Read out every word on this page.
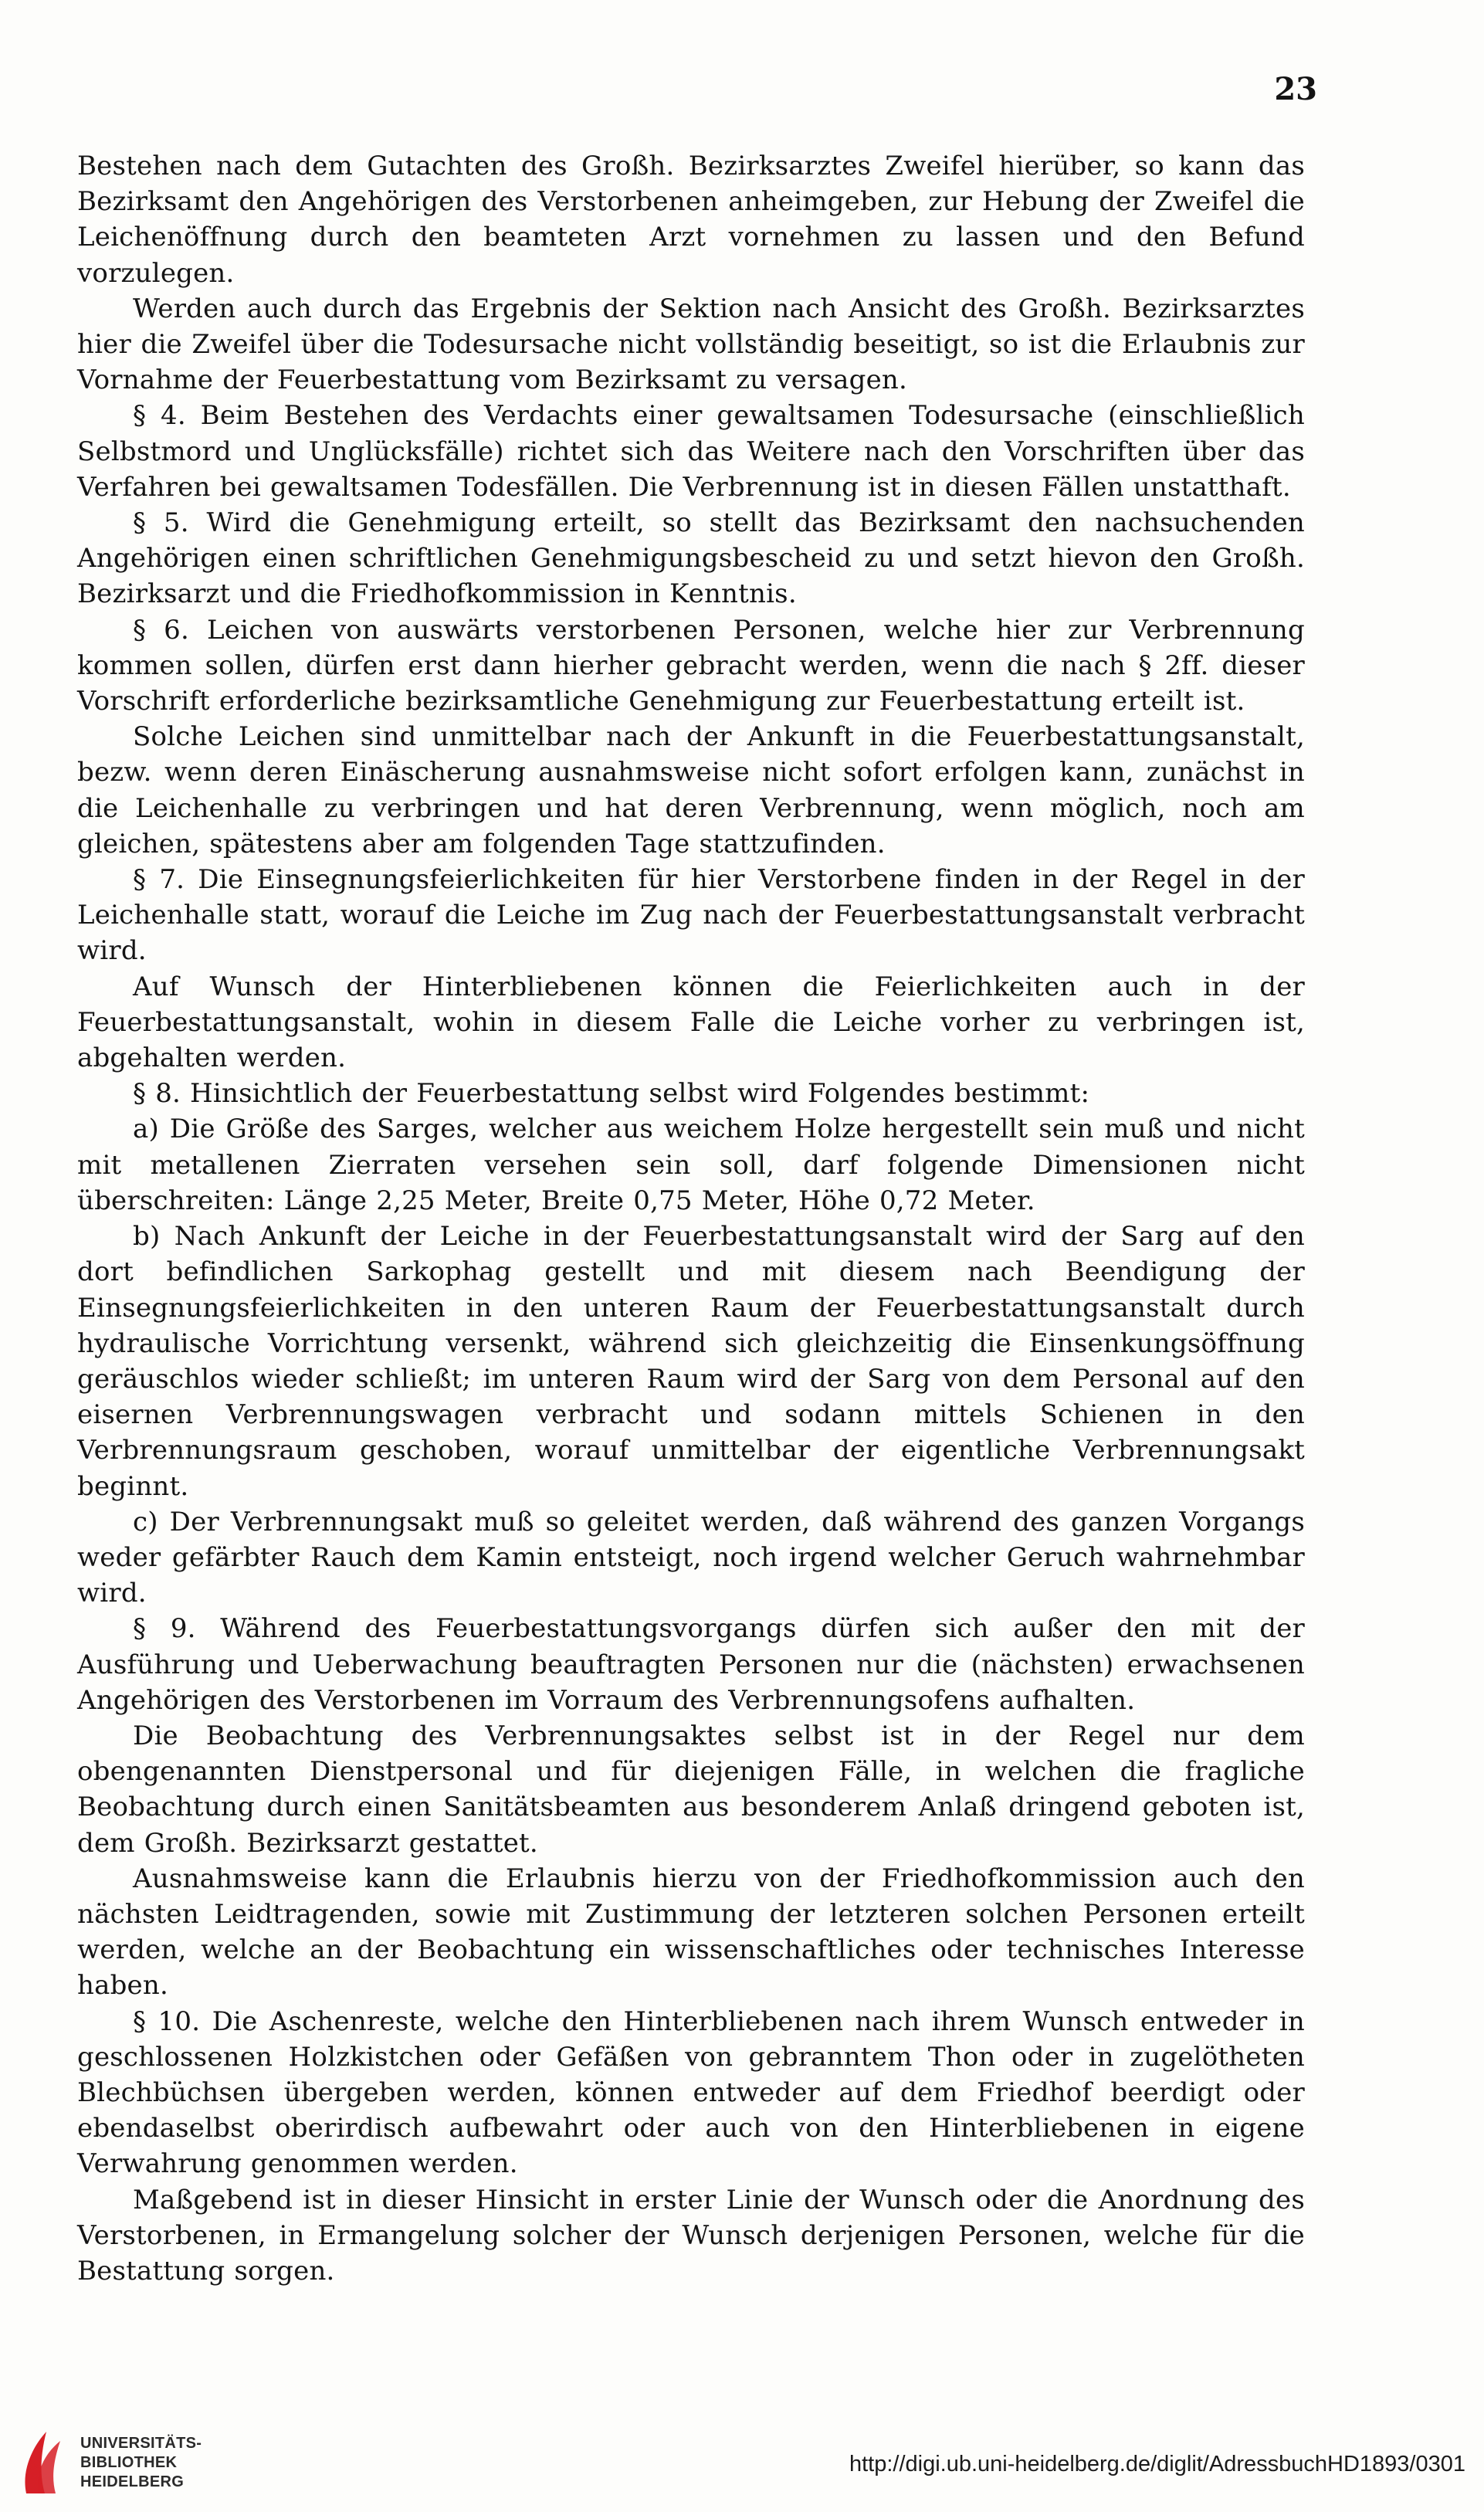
23

Bestehen nach dem Gutachten des Großh. Bezirksarztes Zweifel hierüber, so kann das Bezirksamt den Angehörigen des Verstorbenen anheimgeben, zur Hebung der Zweifel die Leichenöffnung durch den beamteten Arzt vornehmen zu lassen und den Befund vorzulegen.

Werden auch durch das Ergebnis der Sektion nach Ansicht des Großh. Bezirksarztes hier die Zweifel über die Todesursache nicht vollständig beseitigt, so ist die Erlaubnis zur Vornahme der Feuerbestattung vom Bezirksamt zu versagen.

§ 4. Beim Bestehen des Verdachts einer gewaltsamen Todesursache (einschließlich Selbstmord und Unglücksfälle) richtet sich das Weitere nach den Vorschriften über das Verfahren bei gewaltsamen Todesfällen. Die Verbrennung ist in diesen Fällen unstatthaft.

§ 5. Wird die Genehmigung erteilt, so stellt das Bezirksamt den nachsuchenden Angehörigen einen schriftlichen Genehmigungsbescheid zu und setzt hievon den Großh. Bezirksarzt und die Friedhofkommission in Kenntnis.

§ 6. Leichen von auswärts verstorbenen Personen, welche hier zur Verbrennung kommen sollen, dürfen erst dann hierher gebracht werden, wenn die nach § 2ff. dieser Vorschrift erforderliche bezirksamtliche Genehmigung zur Feuerbestattung erteilt ist.

Solche Leichen sind unmittelbar nach der Ankunft in die Feuerbestattungsanstalt, bezw. wenn deren Einäscherung ausnahmsweise nicht sofort erfolgen kann, zunächst in die Leichenhalle zu verbringen und hat deren Verbrennung, wenn möglich, noch am gleichen, spätestens aber am folgenden Tage stattzufinden.

§ 7. Die Einsegnungsfeierlichkeiten für hier Verstorbene finden in der Regel in der Leichenhalle statt, worauf die Leiche im Zug nach der Feuerbestattungsanstalt verbracht wird.

Auf Wunsch der Hinterbliebenen können die Feierlichkeiten auch in der Feuerbestattungsanstalt, wohin in diesem Falle die Leiche vorher zu verbringen ist, abgehalten werden.

§ 8. Hinsichtlich der Feuerbestattung selbst wird Folgendes bestimmt:

a) Die Größe des Sarges, welcher aus weichem Holze hergestellt sein muß und nicht mit metallenen Zierraten versehen sein soll, darf folgende Dimensionen nicht überschreiten: Länge 2,25 Meter, Breite 0,75 Meter, Höhe 0,72 Meter.

b) Nach Ankunft der Leiche in der Feuerbestattungsanstalt wird der Sarg auf den dort befindlichen Sarkophag gestellt und mit diesem nach Beendigung der Einsegnungsfeierlichkeiten in den unteren Raum der Feuerbestattungsanstalt durch hydraulische Vorrichtung versenkt, während sich gleichzeitig die Einsenkungsöffnung geräuschlos wieder schließt; im unteren Raum wird der Sarg von dem Personal auf den eisernen Verbrennungswagen verbracht und sodann mittels Schienen in den Verbrennungsraum geschoben, worauf unmittelbar der eigentliche Verbrennungsakt beginnt.

c) Der Verbrennungsakt muß so geleitet werden, daß während des ganzen Vorgangs weder gefärbter Rauch dem Kamin entsteigt, noch irgend welcher Geruch wahrnehmbar wird.

§ 9. Während des Feuerbestattungsvorgangs dürfen sich außer den mit der Ausführung und Ueberwachung beauftragten Personen nur die (nächsten) erwachsenen Angehörigen des Verstorbenen im Vorraum des Verbrennungsofens aufhalten.

Die Beobachtung des Verbrennungsaktes selbst ist in der Regel nur dem obengenannten Dienstpersonal und für diejenigen Fälle, in welchen die fragliche Beobachtung durch einen Sanitätsbeamten aus besonderem Anlaß dringend geboten ist, dem Großh. Bezirksarzt gestattet.

Ausnahmsweise kann die Erlaubnis hierzu von der Friedhofkommission auch den nächsten Leidtragenden, sowie mit Zustimmung der letzteren solchen Personen erteilt werden, welche an der Beobachtung ein wissenschaftliches oder technisches Interesse haben.

§ 10. Die Aschenreste, welche den Hinterbliebenen nach ihrem Wunsch entweder in geschlossenen Holzkistchen oder Gefäßen von gebranntem Thon oder in zugelötheten Blechbüchsen übergeben werden, können entweder auf dem Friedhof beerdigt oder ebendaselbst oberirdisch aufbewahrt oder auch von den Hinterbliebenen in eigene Verwahrung genommen werden.

Maßgebend ist in dieser Hinsicht in erster Linie der Wunsch oder die Anordnung des Verstorbenen, in Ermangelung solcher der Wunsch derjenigen Personen, welche für die Bestattung sorgen.

UNIVERSITÄTS-
BIBLIOTHEK
HEIDELBERG
http://digi.ub.uni-heidelberg.de/diglit/AdressbuchHD1893/0301
